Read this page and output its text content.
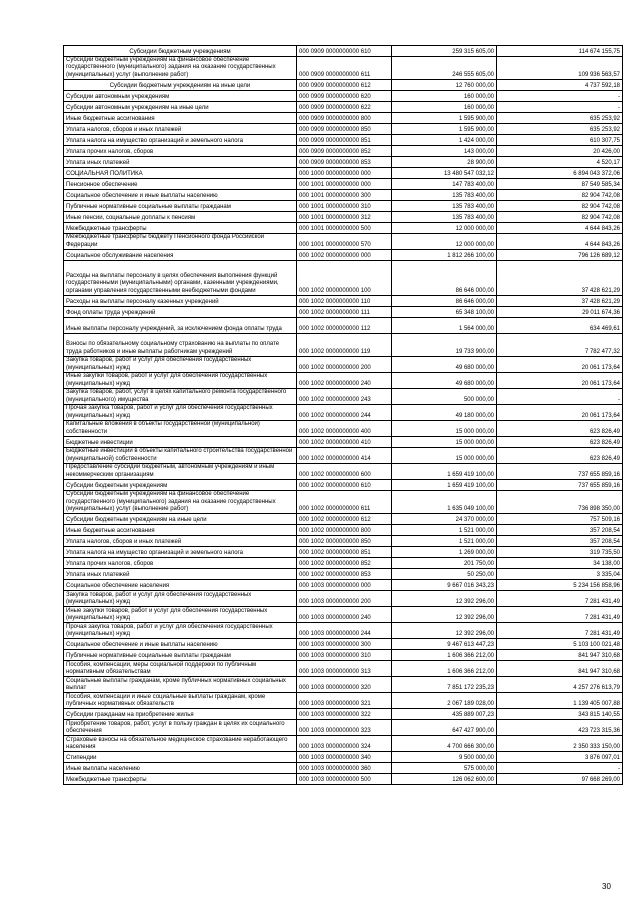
Субсидии бюджетным учреждениям	000 0909 0000000000 610	259 315 605,00	114 674 155,75
Субсидии бюджетным учреждениям на финансовое обеспечение государственного (муниципального) задания на оказание государственных (муниципальных) услуг (выполнение работ)	000 0909 0000000000 611	246 555 605,00	109 936 563,57
Субсидии бюджетным учреждениям на иные цели	000 0909 0000000000 612	12 760 000,00	4 737 592,18
Субсидии автономным учреждениям	000 0909 0000000000 620	160 000,00	-
Субсидии автономным учреждениям на иные цели	000 0909 0000000000 622	160 000,00	-
Иные бюджетные ассигнования	000 0909 0000000000 800	1 595 900,00	635 253,92
Уплата налогов, сборов и иных платежей	000 0909 0000000000 850	1 595 900,00	635 253,92
Уплата налога на имущество организаций и земельного налога	000 0909 0000000000 851	1 424 000,00	610 307,75
Уплата прочих налогов, сборов	000 0909 0000000000 852	143 000,00	20 426,00
Уплата иных платежей	000 0909 0000000000 853	28 900,00	4 520,17
СОЦИАЛЬНАЯ ПОЛИТИКА	000 1000 0000000000 000	13 480 547 032,12	6 894 043 372,06
Пенсионное обеспечение	000 1001 0000000000 000	147 783 400,00	87 549 585,34
Социальное обеспечение и иные выплаты населению	000 1001 0000000000 300	135 783 400,00	82 904 742,08
Публичные нормативные социальные выплаты гражданам	000 1001 0000000000 310	135 783 400,00	82 904 742,08
Иные пенсии, социальные доплаты к пенсиям	000 1001 0000000000 312	135 783 400,00	82 904 742,08
Межбюджетные трансферты	000 1001 0000000000 500	12 000 000,00	4 644 843,26
Межбюджетные трансферты бюджету Пенсионного фонда Российской Федерации	000 1001 0000000000 570	12 000 000,00	4 644 843,26
Социальное обслуживание населения	000 1002 0000000000 000	1 812 266 100,00	796 126 689,12
Расходы на выплаты персоналу в целях обеспечения выполнения функций государственными (муниципальными) органами, казенными учреждениями, органами управления государственными внебюджетными фондами	000 1002 0000000000 100	86 646 000,00	37 428 621,29
Расходы на выплаты персоналу казенных учреждений	000 1002 0000000000 110	86 646 000,00	37 428 621,29
Фонд оплаты труда учреждений	000 1002 0000000000 111	65 348 100,00	29 011 674,36
Иные выплаты персоналу учреждений, за исключением фонда оплаты труда	000 1002 0000000000 112	1 564 000,00	634 469,61
Взносы по обязательному социальному страхованию на выплаты по оплате труда работников и иные выплаты работникам учреждений	000 1002 0000000000 119	19 733 900,00	7 782 477,32
Закупка товаров, работ и услуг для обеспечения государственных (муниципальных) нужд	000 1002 0000000000 200	49 680 000,00	20 061 173,64
Иные закупки товаров, работ и услуг для обеспечения государственных (муниципальных) нужд	000 1002 0000000000 240	49 680 000,00	20 061 173,64
Закупка товаров, работ, услуг в целях капитального ремонта государственного (муниципального) имущества	000 1002 0000000000 243	500 000,00	-
Прочая закупка товаров, работ и услуг для обеспечения государственных (муниципальных) нужд	000 1002 0000000000 244	49 180 000,00	20 061 173,64
Капитальные вложения в объекты государственной (муниципальной) собственности	000 1002 0000000000 400	15 000 000,00	623 826,49
Бюджетные инвестиции	000 1002 0000000000 410	15 000 000,00	623 826,49
Бюджетные инвестиции в объекты капитального строительства государственной (муниципальной) собственности	000 1002 0000000000 414	15 000 000,00	623 826,49
Предоставление субсидий бюджетным, автономным учреждениям и иным некоммерческим организациям	000 1002 0000000000 600	1 659 419 100,00	737 655 859,16
Субсидии бюджетным учреждениям	000 1002 0000000000 610	1 659 419 100,00	737 655 859,16
Субсидии бюджетным учреждениям на финансовое обеспечение государственного (муниципального) задания на оказание государственных (муниципальных) услуг (выполнение работ)	000 1002 0000000000 611	1 635 049 100,00	736 898 350,00
Субсидии бюджетным учреждениям на иные цели	000 1002 0000000000 612	24 370 000,00	757 509,16
Иные бюджетные ассигнования	000 1002 0000000000 800	1 521 000,00	357 208,54
Уплата налогов, сборов и иных платежей	000 1002 0000000000 850	1 521 000,00	357 208,54
Уплата налога на имущество организаций и земельного налога	000 1002 0000000000 851	1 269 000,00	319 735,50
Уплата прочих налогов, сборов	000 1002 0000000000 852	201 750,00	34 138,00
Уплата иных платежей	000 1002 0000000000 853	50 250,00	3 335,04
Социальное обеспечение населения	000 1003 0000000000 000	9 667 016 343,23	5 234 156 858,96
Закупка товаров, работ и услуг для обеспечения государственных (муниципальных) нужд	000 1003 0000000000 200	12 392 296,00	7 281 431,49
Иные закупки товаров, работ и услуг для обеспечения государственных (муниципальных) нужд	000 1003 0000000000 240	12 392 296,00	7 281 431,49
Прочая закупка товаров, работ и услуг для обеспечения государственных (муниципальных) нужд	000 1003 0000000000 244	12 392 296,00	7 281 431,49
Социальное обеспечение и иные выплаты населению	000 1003 0000000000 300	9 467 613 447,23	5 103 100 021,48
Публичные нормативные социальные выплаты гражданам	000 1003 0000000000 310	1 606 366 212,00	841 947 310,68
Пособия, компенсации, меры социальной поддержки по публичным нормативным обязательствам	000 1003 0000000000 313	1 606 366 212,00	841 947 310,68
Социальные выплаты гражданам, кроме публичных нормативных социальных выплат	000 1003 0000000000 320	7 851 172 235,23	4 257 276 613,79
Пособия, компенсации и иные социальные выплаты гражданам, кроме публичных нормативных обязательств	000 1003 0000000000 321	2 067 189 028,00	1 139 405 007,88
Субсидии гражданам на приобретение жилья	000 1003 0000000000 322	435 889 007,23	343 815 140,55
Приобретение товаров, работ, услуг в пользу граждан в целях их социального обеспечения	000 1003 0000000000 323	647 427 900,00	423 723 315,36
Страховые взносы на обязательное медицинское страхование неработающего населения	000 1003 0000000000 324	4 700 666 300,00	2 350 333 150,00
Стипендии	000 1003 0000000000 340	9 500 000,00	3 876 097,01
Иные выплаты населению	000 1003 0000000000 360	575 000,00	-
Межбюджетные трансферты	000 1003 0000000000 500	126 062 600,00	97 668 269,00
30
